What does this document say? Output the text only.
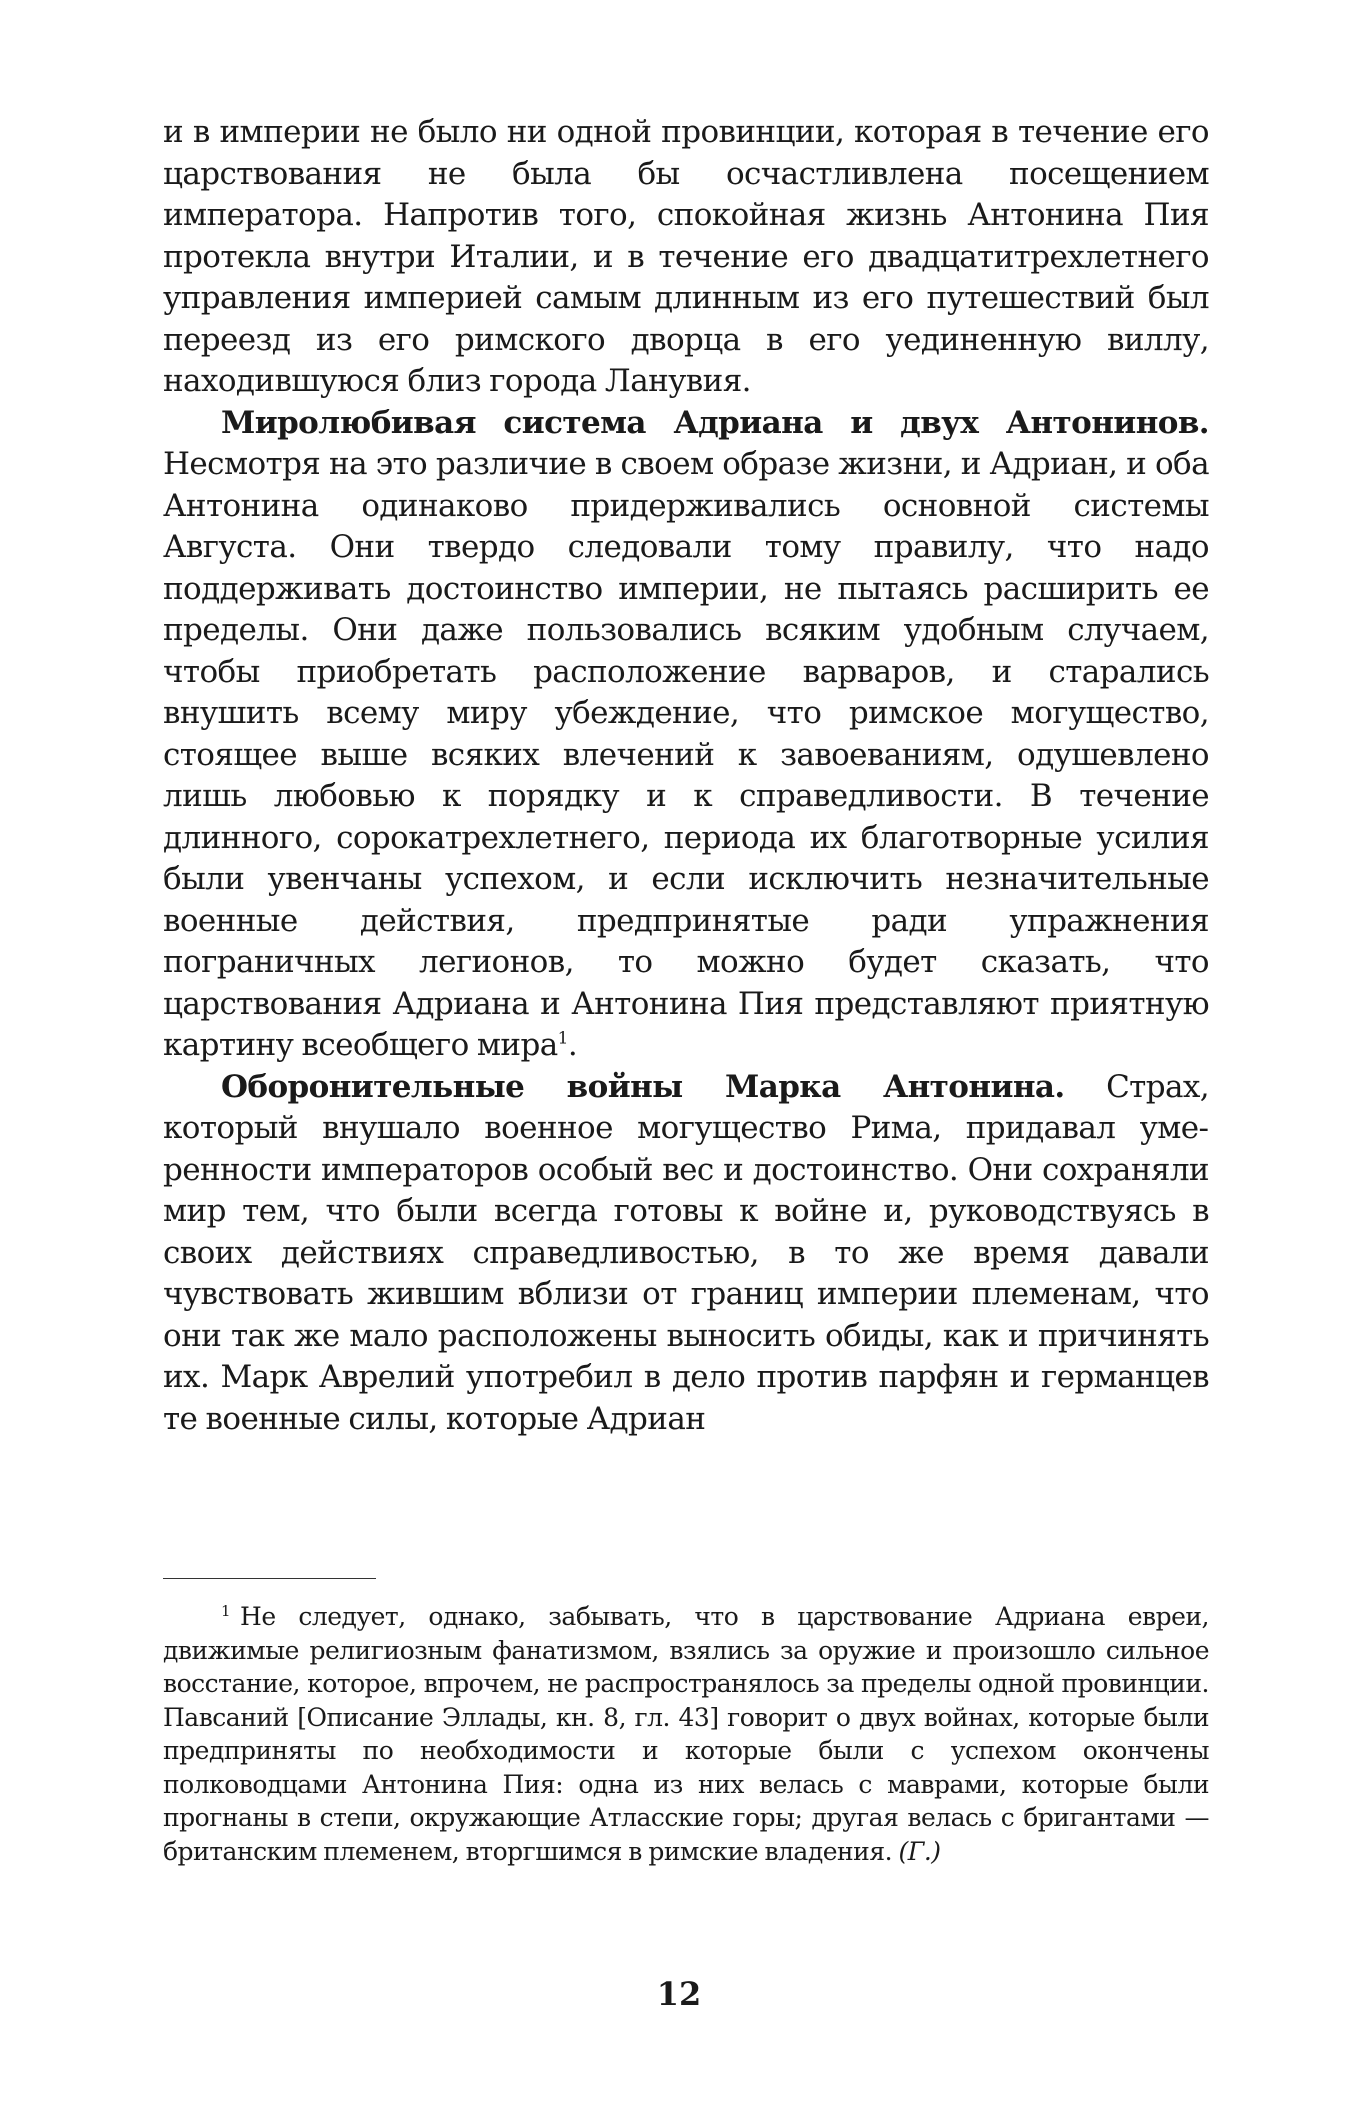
и в империи не было ни одной провинции, которая в течение его царствования не была бы осчастливлена посещением императора. Напротив того, спокойная жизнь Антонина Пия протекла внутри Италии, и в течение его двадцатитрехлетнего управления империей самым длинным из его путешествий был переезд из его римского дворца в его уединенную виллу, находившуюся близ города Ланувия.

Миролюбивая система Адриана и двух Антонинов. Несмотря на это различие в своем образе жизни, и Адриан, и оба Антонина одинаково придерживались основной системы Августа. Они твердо следовали тому правилу, что надо поддерживать достоинство империи, не пытаясь расширить ее пределы. Они даже пользовались всяким удобным случаем, чтобы приобретать расположение варваров, и старались внушить всему миру убеждение, что римское могущество, стоящее выше всяких влечений к завоеваниям, одушевлено лишь любовью к порядку и к справедливости. В течение длинного, сорокатрехлетнего, периода их благотворные усилия были увенчаны успехом, и если исключить незначительные военные действия, предпринятые ради упражнения пограничных легионов, то можно будет сказать, что царствования Адриана и Антонина Пия представляют приятную картину всеобщего мира$^1$.

Оборонительные войны Марка Антонина. Страх, который внушало военное могущество Рима, придавал умеренности императоров особый вес и достоинство. Они сохраняли мир тем, что были всегда готовы к войне и, руководствуясь в своих действиях справедливостью, в то же время давали чувствовать жившим вблизи от границ империи племенам, что они так же мало расположены выносить обиды, как и причинять их. Марк Аврелий употребил в дело против парфян и германцев те военные силы, которые Адриан

$^1$ Не следует, однако, забывать, что в царствование Адриана евреи, движимые религиозным фанатизмом, взялись за оружие и произошло сильное восстание, которое, впрочем, не распространялось за пределы одной провинции. Павсаний [Описание Эллады, кн. 8, гл. 43] говорит о двух войнах, которые были предприняты по необходимости и которые были с успехом окончены полководцами Антонина Пия: одна из них велась с маврами, которые были прогнаны в степи, окружающие Атласские горы; другая велась с бригантами — британским племенем, вторгшимся в римские владения. (Г.)
12
